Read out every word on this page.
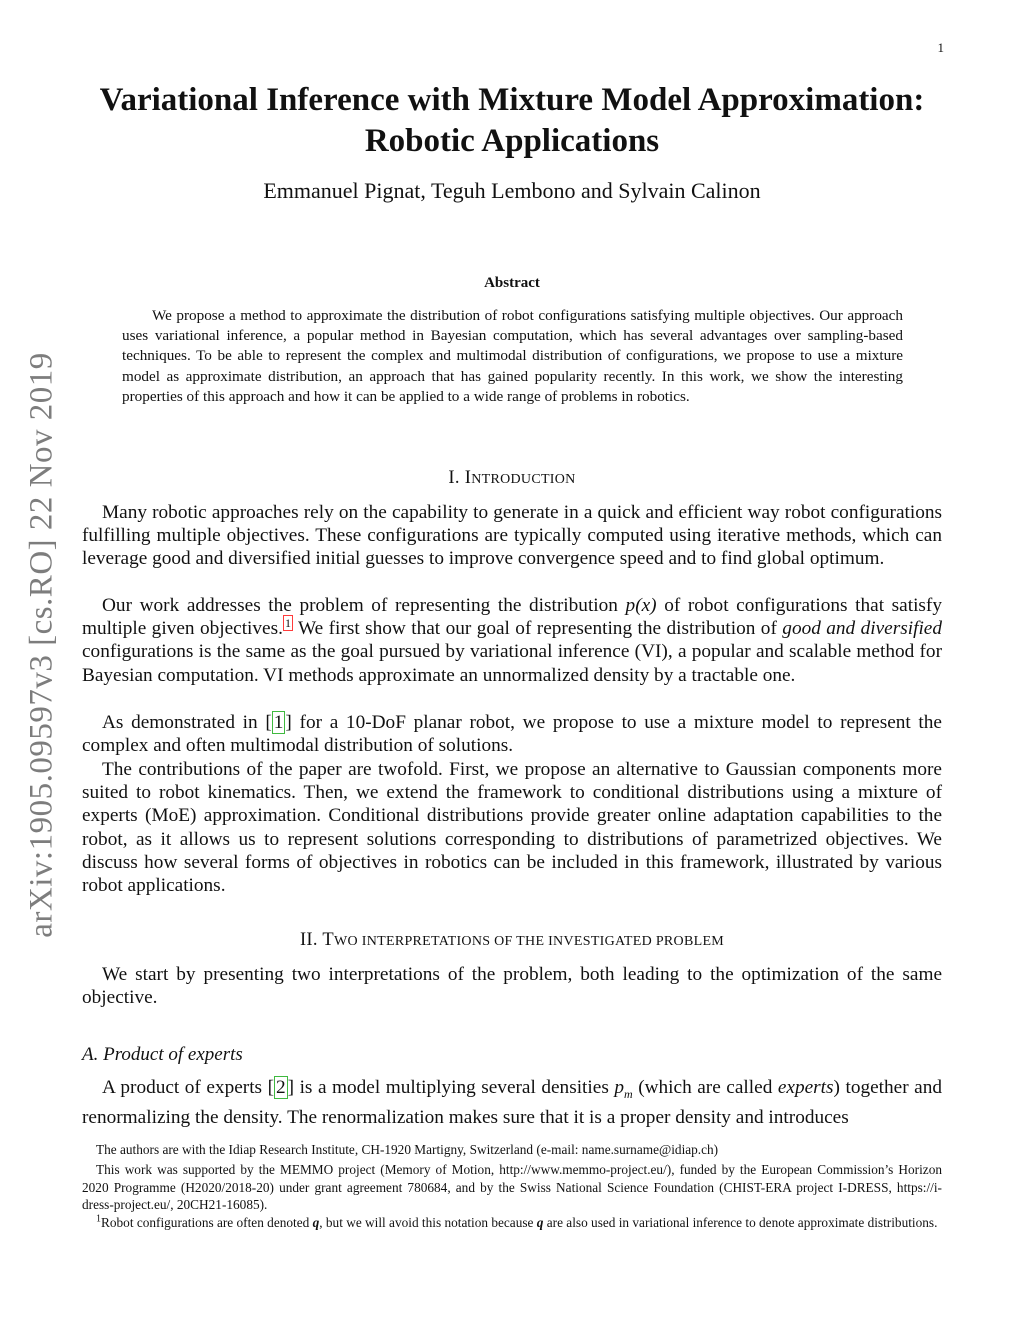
1
arXiv:1905.09597v3 [cs.RO] 22 Nov 2019
Variational Inference with Mixture Model Approximation:
Robotic Applications
Emmanuel Pignat, Teguh Lembono and Sylvain Calinon
Abstract

We propose a method to approximate the distribution of robot configurations satisfying multiple objectives. Our approach uses variational inference, a popular method in Bayesian computation, which has several advantages over sampling-based techniques. To be able to represent the complex and multimodal distribution of configurations, we propose to use a mixture model as approximate distribution, an approach that has gained popularity recently. In this work, we show the interesting properties of this approach and how it can be applied to a wide range of problems in robotics.

I. INTRODUCTION

Many robotic approaches rely on the capability to generate in a quick and efficient way robot configurations fulfilling multiple objectives. These configurations are typically computed using iterative methods, which can leverage good and diversified initial guesses to improve convergence speed and to find global optimum.

Our work addresses the problem of representing the distribution p(x) of robot configurations that satisfy multiple given objectives. $^1$ We first show that our goal of representing the distribution of good and diversified configurations is the same as the goal pursued by variational inference (VI), a popular and scalable method for Bayesian computation. VI methods approximate an unnormalized density by a tractable one.

As demonstrated in [ 1 ] for a 10-DoF planar robot, we propose to use a mixture model to represent the complex and often multimodal distribution of solutions.

The contributions of the paper are twofold. First, we propose an alternative to Gaussian components more suited to robot kinematics. Then, we extend the framework to conditional distributions using a mixture of experts (MoE) approximation. Conditional distributions provide greater online adaptation capabilities to the robot, as it allows us to represent solutions corresponding to distributions of parametrized objectives. We discuss how several forms of objectives in robotics can be included in this framework, illustrated by various robot applications.

II. TWO INTERPRETATIONS OF THE INVESTIGATED PROBLEM

We start by presenting two interpretations of the problem, both leading to the optimization of the same objective.

A. Product of experts

A product of experts [ 2 ] is a model multiplying several densities $p_m$ (which are called experts) together and renormalizing the density. The renormalization makes sure that it is a proper density and introduces

The authors are with the Idiap Research Institute, CH-1920 Martigny, Switzerland (e-mail: name.surname@idiap.ch)

This work was supported by the MEMMO project (Memory of Motion, http://www.memmo-project.eu/), funded by the European Commission’s Horizon 2020 Programme (H2020/2018-20) under grant agreement 780684, and by the Swiss National Science Foundation (CHIST-ERA project I-DRESS, https://i-dress-project.eu/, 20CH21-16085).

$^1$Robot configurations are often denoted q, but we will avoid this notation because q are also used in variational inference to denote approximate distributions.
